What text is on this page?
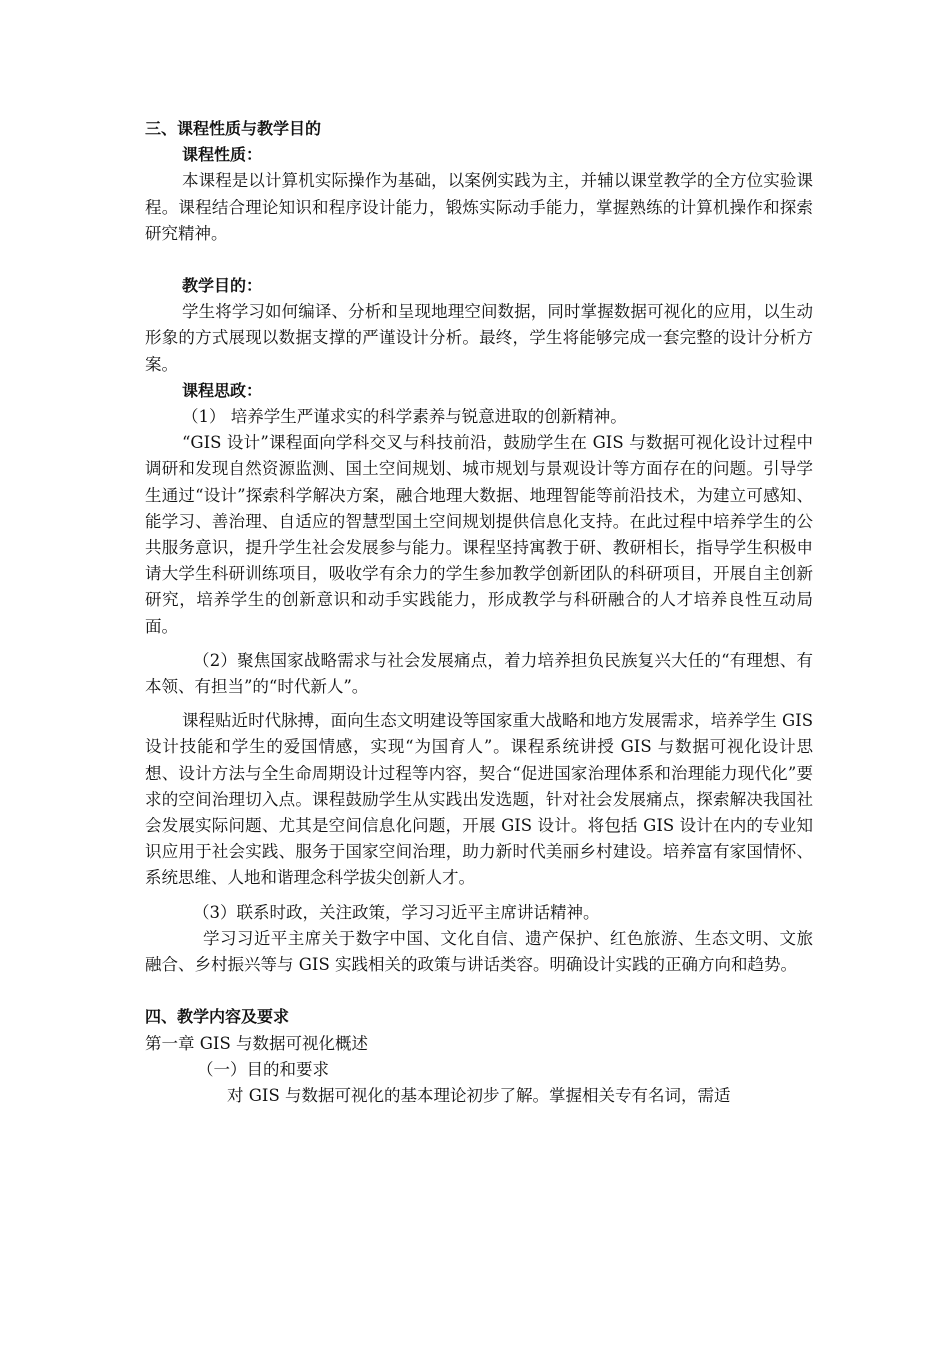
三、课程性质与教学目的
课程性质：

本课程是以计算机实际操作为基础，以案例实践为主，并辅以课堂教学的全方位实验课程。课程结合理论知识和程序设计能力，锻炼实际动手能力，掌握熟练的计算机操作和探索研究精神。

教学目的：

学生将学习如何编译、分析和呈现地理空间数据，同时掌握数据可视化的应用，以生动形象的方式展现以数据支撑的严谨设计分析。最终，学生将能够完成一套完整的设计分析方案。

课程思政：
（1） 培养学生严谨求实的科学素养与锐意进取的创新精神。

“GIS 设计”课程面向学科交叉与科技前沿，鼓励学生在 GIS 与数据可视化设计过程中调研和发现自然资源监测、国土空间规划、城市规划与景观设计等方面存在的问题。引导学生通过“设计”探索科学解决方案，融合地理大数据、地理智能等前沿技术，为建立可感知、能学习、善治理、自适应的智慧型国土空间规划提供信息化支持。在此过程中培养学生的公共服务意识，提升学生社会发展参与能力。课程坚持寓教于研、教研相长，指导学生积极申请大学生科研训练项目，吸收学有余力的学生参加教学创新团队的科研项目，开展自主创新研究，培养学生的创新意识和动手实践能力，形成教学与科研融合的人才培养良性互动局面。

（2）聚焦国家战略需求与社会发展痛点，着力培养担负民族复兴大任的“有理想、有本领、有担当”的“时代新人”。

课程贴近时代脉搏，面向生态文明建设等国家重大战略和地方发展需求，培养学生 GIS 设计技能和学生的爱国情感，实现“为国育人”。课程系统讲授 GIS 与数据可视化设计思想、设计方法与全生命周期设计过程等内容，契合“促进国家治理体系和治理能力现代化”要求的空间治理切入点。课程鼓励学生从实践出发选题，针对社会发展痛点，探索解决我国社会发展实际问题、尤其是空间信息化问题，开展 GIS 设计。将包括 GIS 设计在内的专业知识应用于社会实践、服务于国家空间治理，助力新时代美丽乡村建设。培养富有家国情怀、系统思维、人地和谐理念科学拔尖创新人才。

（3）联系时政，关注政策，学习习近平主席讲话精神。

学习习近平主席关于数字中国、文化自信、遗产保护、红色旅游、生态文明、文旅融合、乡村振兴等与 GIS 实践相关的政策与讲话类容。明确设计实践的正确方向和趋势。

四、教学内容及要求
第一章 GIS 与数据可视化概述
（一）目的和要求

对 GIS 与数据可视化的基本理论初步了解。掌握相关专有名词，需适
